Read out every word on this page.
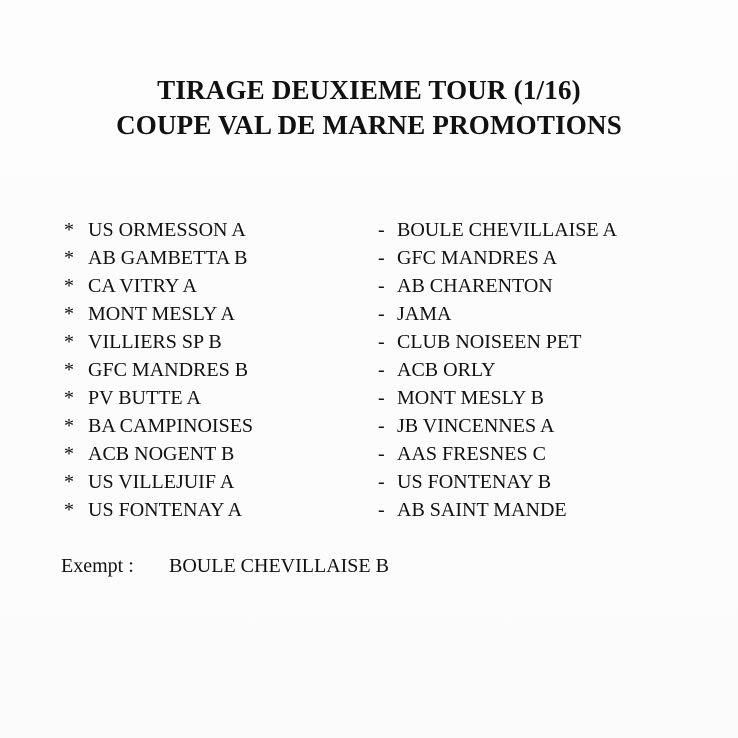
TIRAGE DEUXIEME TOUR (1/16)
COUPE VAL DE MARNE PROMOTIONS
* US ORMESSON A	- BOULE CHEVILLAISE A
* AB GAMBETTA B	- GFC MANDRES A
* CA VITRY A	- AB CHARENTON
* MONT MESLY A	- JAMA
* VILLIERS SP B	- CLUB NOISEEN PET
* GFC MANDRES B	- ACB ORLY
* PV BUTTE A	- MONT MESLY B
* BA CAMPINOISES	- JB VINCENNES A
* ACB NOGENT B	- AAS FRESNES C
* US VILLEJUIF A	- US FONTENAY B
* US FONTENAY A	- AB SAINT MANDE
Exempt : BOULE CHEVILLAISE B
